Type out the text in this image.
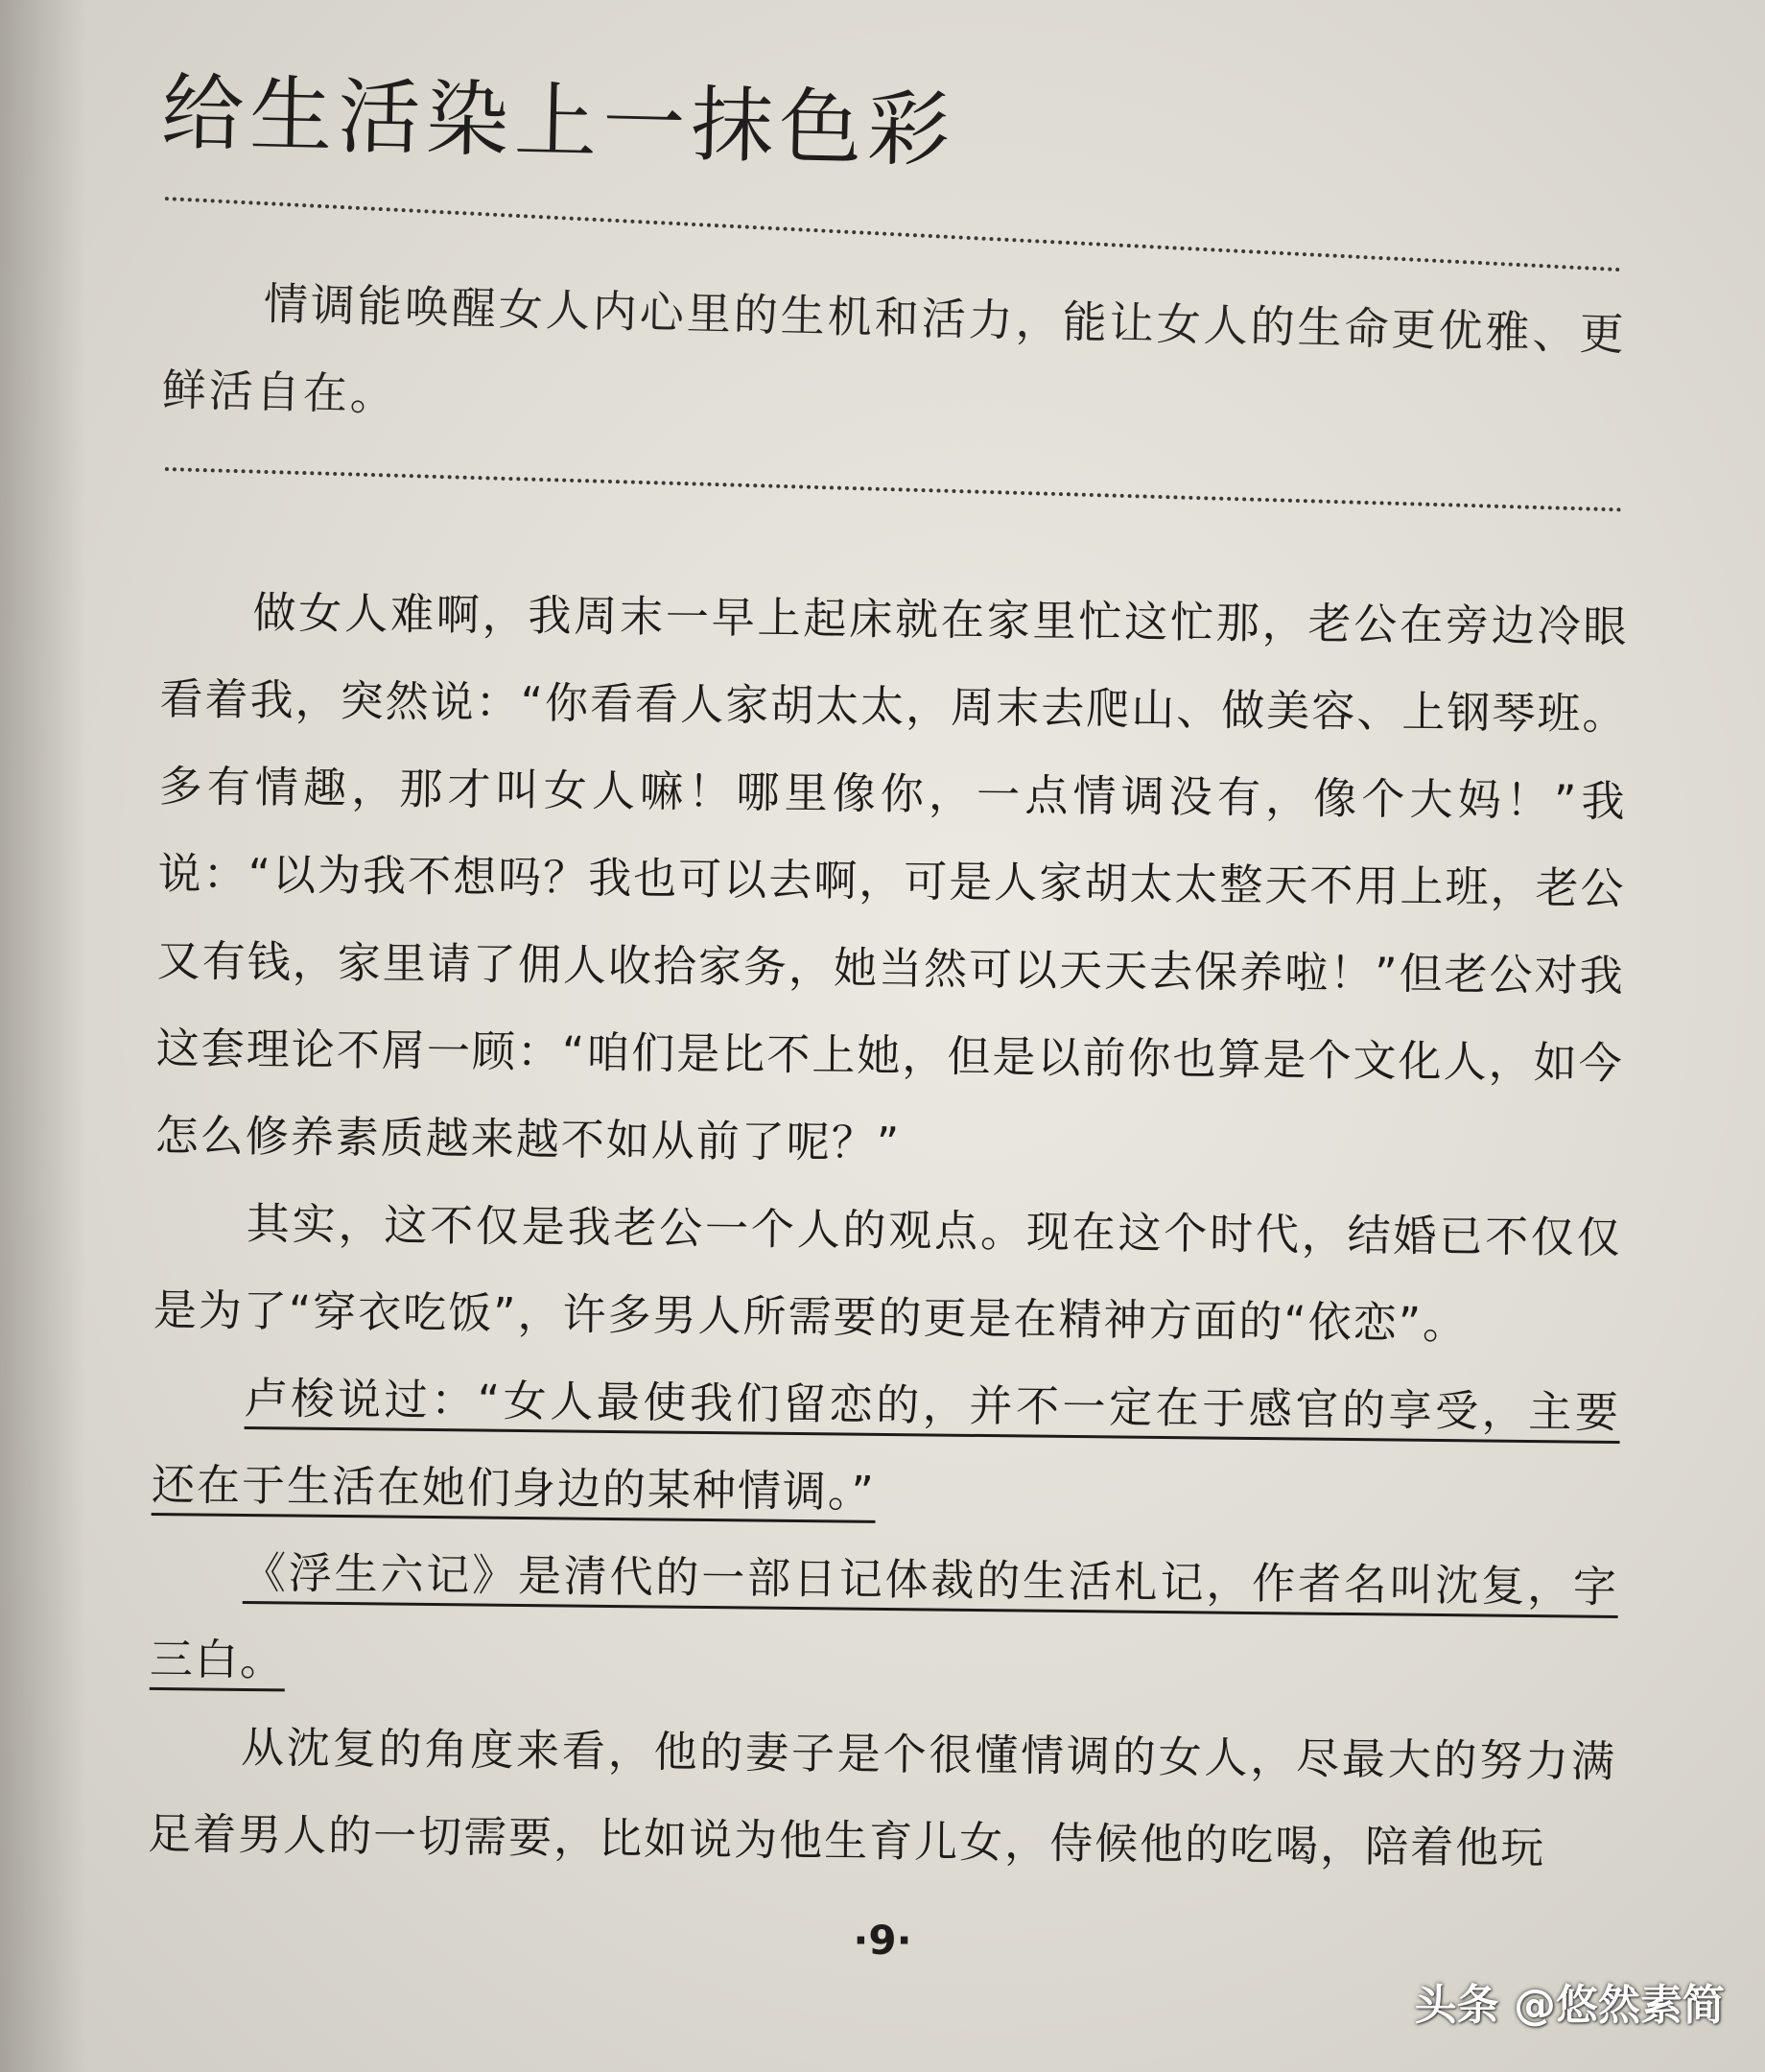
给生活染上一抹色彩

情调能唤醒女人内心里的生机和活力，能让女人的生命更优雅、更鲜活自在。

做女人难啊，我周末一早上起床就在家里忙这忙那，老公在旁边冷眼看着我，突然说：“你看看人家胡太太，周末去爬山、做美容、上钢琴班。多有情趣，那才叫女人嘛！哪里像你，一点情调没有，像个大妈！”我说：“以为我不想吗？我也可以去啊，可是人家胡太太整天不用上班，老公又有钱，家里请了佣人收拾家务，她当然可以天天去保养啦！”但老公对我这套理论不屑一顾：“咱们是比不上她，但是以前你也算是个文化人，如今怎么修养素质越来越不如从前了呢？”

其实，这不仅是我老公一个人的观点。现在这个时代，结婚已不仅仅是为了“穿衣吃饭”，许多男人所需要的更是在精神方面的“依恋”。

卢梭说过：“女人最使我们留恋的，并不一定在于感官的享受，主要还在于生活在她们身边的某种情调。”

《浮生六记》是清代的一部日记体裁的生活札记，作者名叫沈复，字三白。

从沈复的角度来看，他的妻子是个很懂情调的女人，尽最大的努力满足着男人的一切需要，比如说为他生育儿女，侍候他的吃喝，陪着他玩

·9·
头条 @悠然素简
